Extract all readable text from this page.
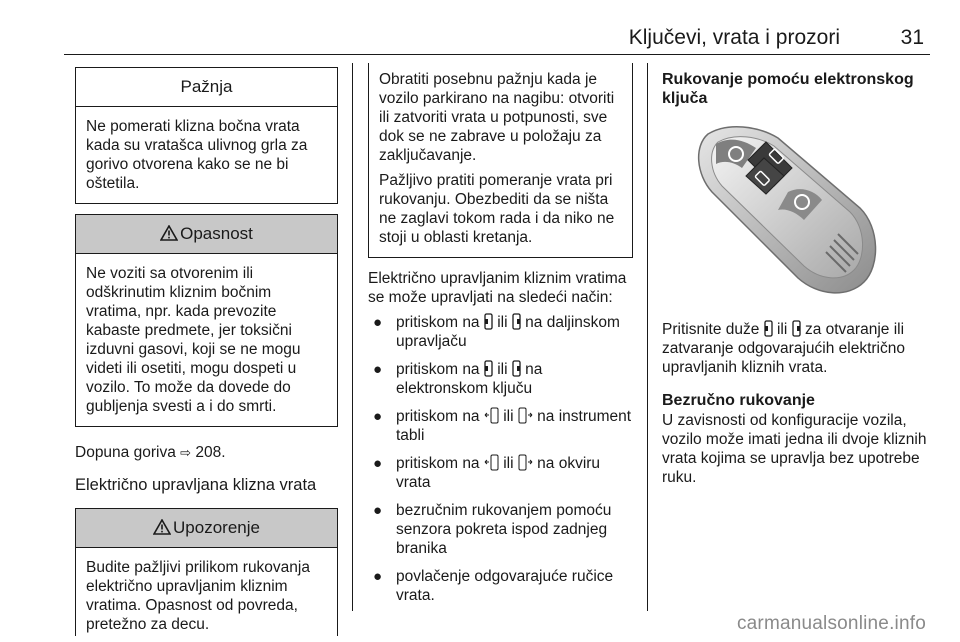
Ključevi, vrata i prozori	31
Pažnja

Ne pomerati klizna bočna vrata kada su vratašca ulivnog grla za gorivo otvorena kako se ne bi oštetila.

Opasnost

Ne voziti sa otvorenim ili odškrinutim kliznim bočnim vratima, npr. kada prevozite kabaste predmete, jer toksični izduvni gasovi, koji se ne mogu videti ili osetiti, mogu dospeti u vozilo. To može da dovede do gubljenja svesti a i do smrti.

Dopuna goriva ⇨ 208.

Električno upravljana klizna vrata

Upozorenje

Budite pažljivi prilikom rukovanja električno upravljanim kliznim vratima. Opasnost od povreda, pretežno za decu.

Obratiti posebnu pažnju kada je vozilo parkirano na nagibu: otvoriti ili zatvoriti vrata u potpunosti, sve dok se ne zabrave u položaju za zaključavanje.

Pažljivo pratiti pomeranje vrata pri rukovanju. Obezbediti da se ništa ne zaglavi tokom rada i da niko ne stoji u oblasti kretanja.

Električno upravljanim kliznim vratima se može upravljati na sledeći način:

● pritiskom na ili na daljinskom upravljaču
● pritiskom na ili na elektronskom ključu
● pritiskom na ili na instrument tabli
● pritiskom na ili na okviru vrata
● bezručnim rukovanjem pomoću senzora pokreta ispod zadnjeg branika
● povlačenje odgovarajuće ručice vrata.

Rukovanje pomoću elektronskog ključa

Pritisnite duže ili za otvaranje ili zatvaranje odgovarajućih električno upravljanih kliznih vrata.

Bezručno rukovanje

U zavisnosti od konfiguracije vozila, vozilo može imati jedna ili dvoje kliznih vrata kojima se upravlja bez upotrebe ruku.

carmanualsonline.info
